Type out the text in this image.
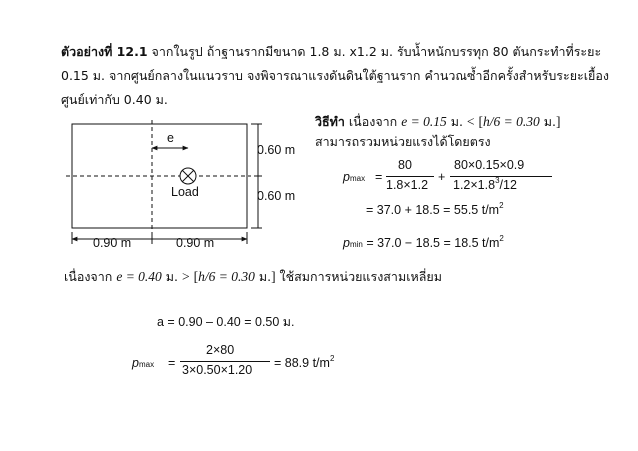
ตัวอย่างที่ 12.1 จากในรูป ถ้าฐานรากมีขนาด 1.8 ม. x1.2 ม. รับน้ำหนักบรรทุก 80 ตันกระทำที่ระยะ
0.15 ม. จากศูนย์กลางในแนวราบ จงพิจารณาแรงดันดินใต้ฐานราก คำนวณซ้ำอีกครั้งสำหรับระยะเยื้อง
ศูนย์เท่ากับ 0.40 ม.
e
Load
0.60 m
0.60 m
0.90 m	0.90 m
วิธีทำ เนื่องจาก e = 0.15 ม. < [h/6 = 0.30 ม.]
สามารถรวมหน่วยแรงได้โดยตรง
pmax =
80
1.8×1.2
+
80×0.15×0.9
$1.2\times 1.8^3/12$
= 37.0 + 18.5 = 55.5 $t/m^2$
pmin = 37.0 − 18.5 = 18.5 $t/m^2$
เนื่องจาก e = 0.40 ม. > [h/6 = 0.30 ม.] ใช้สมการหน่วยแรงสามเหลี่ยม
a = 0.90 – 0.40 = 0.50 ม.
pmax =
2×80
3×0.50×1.20 = 88.9 $t/m^2$
